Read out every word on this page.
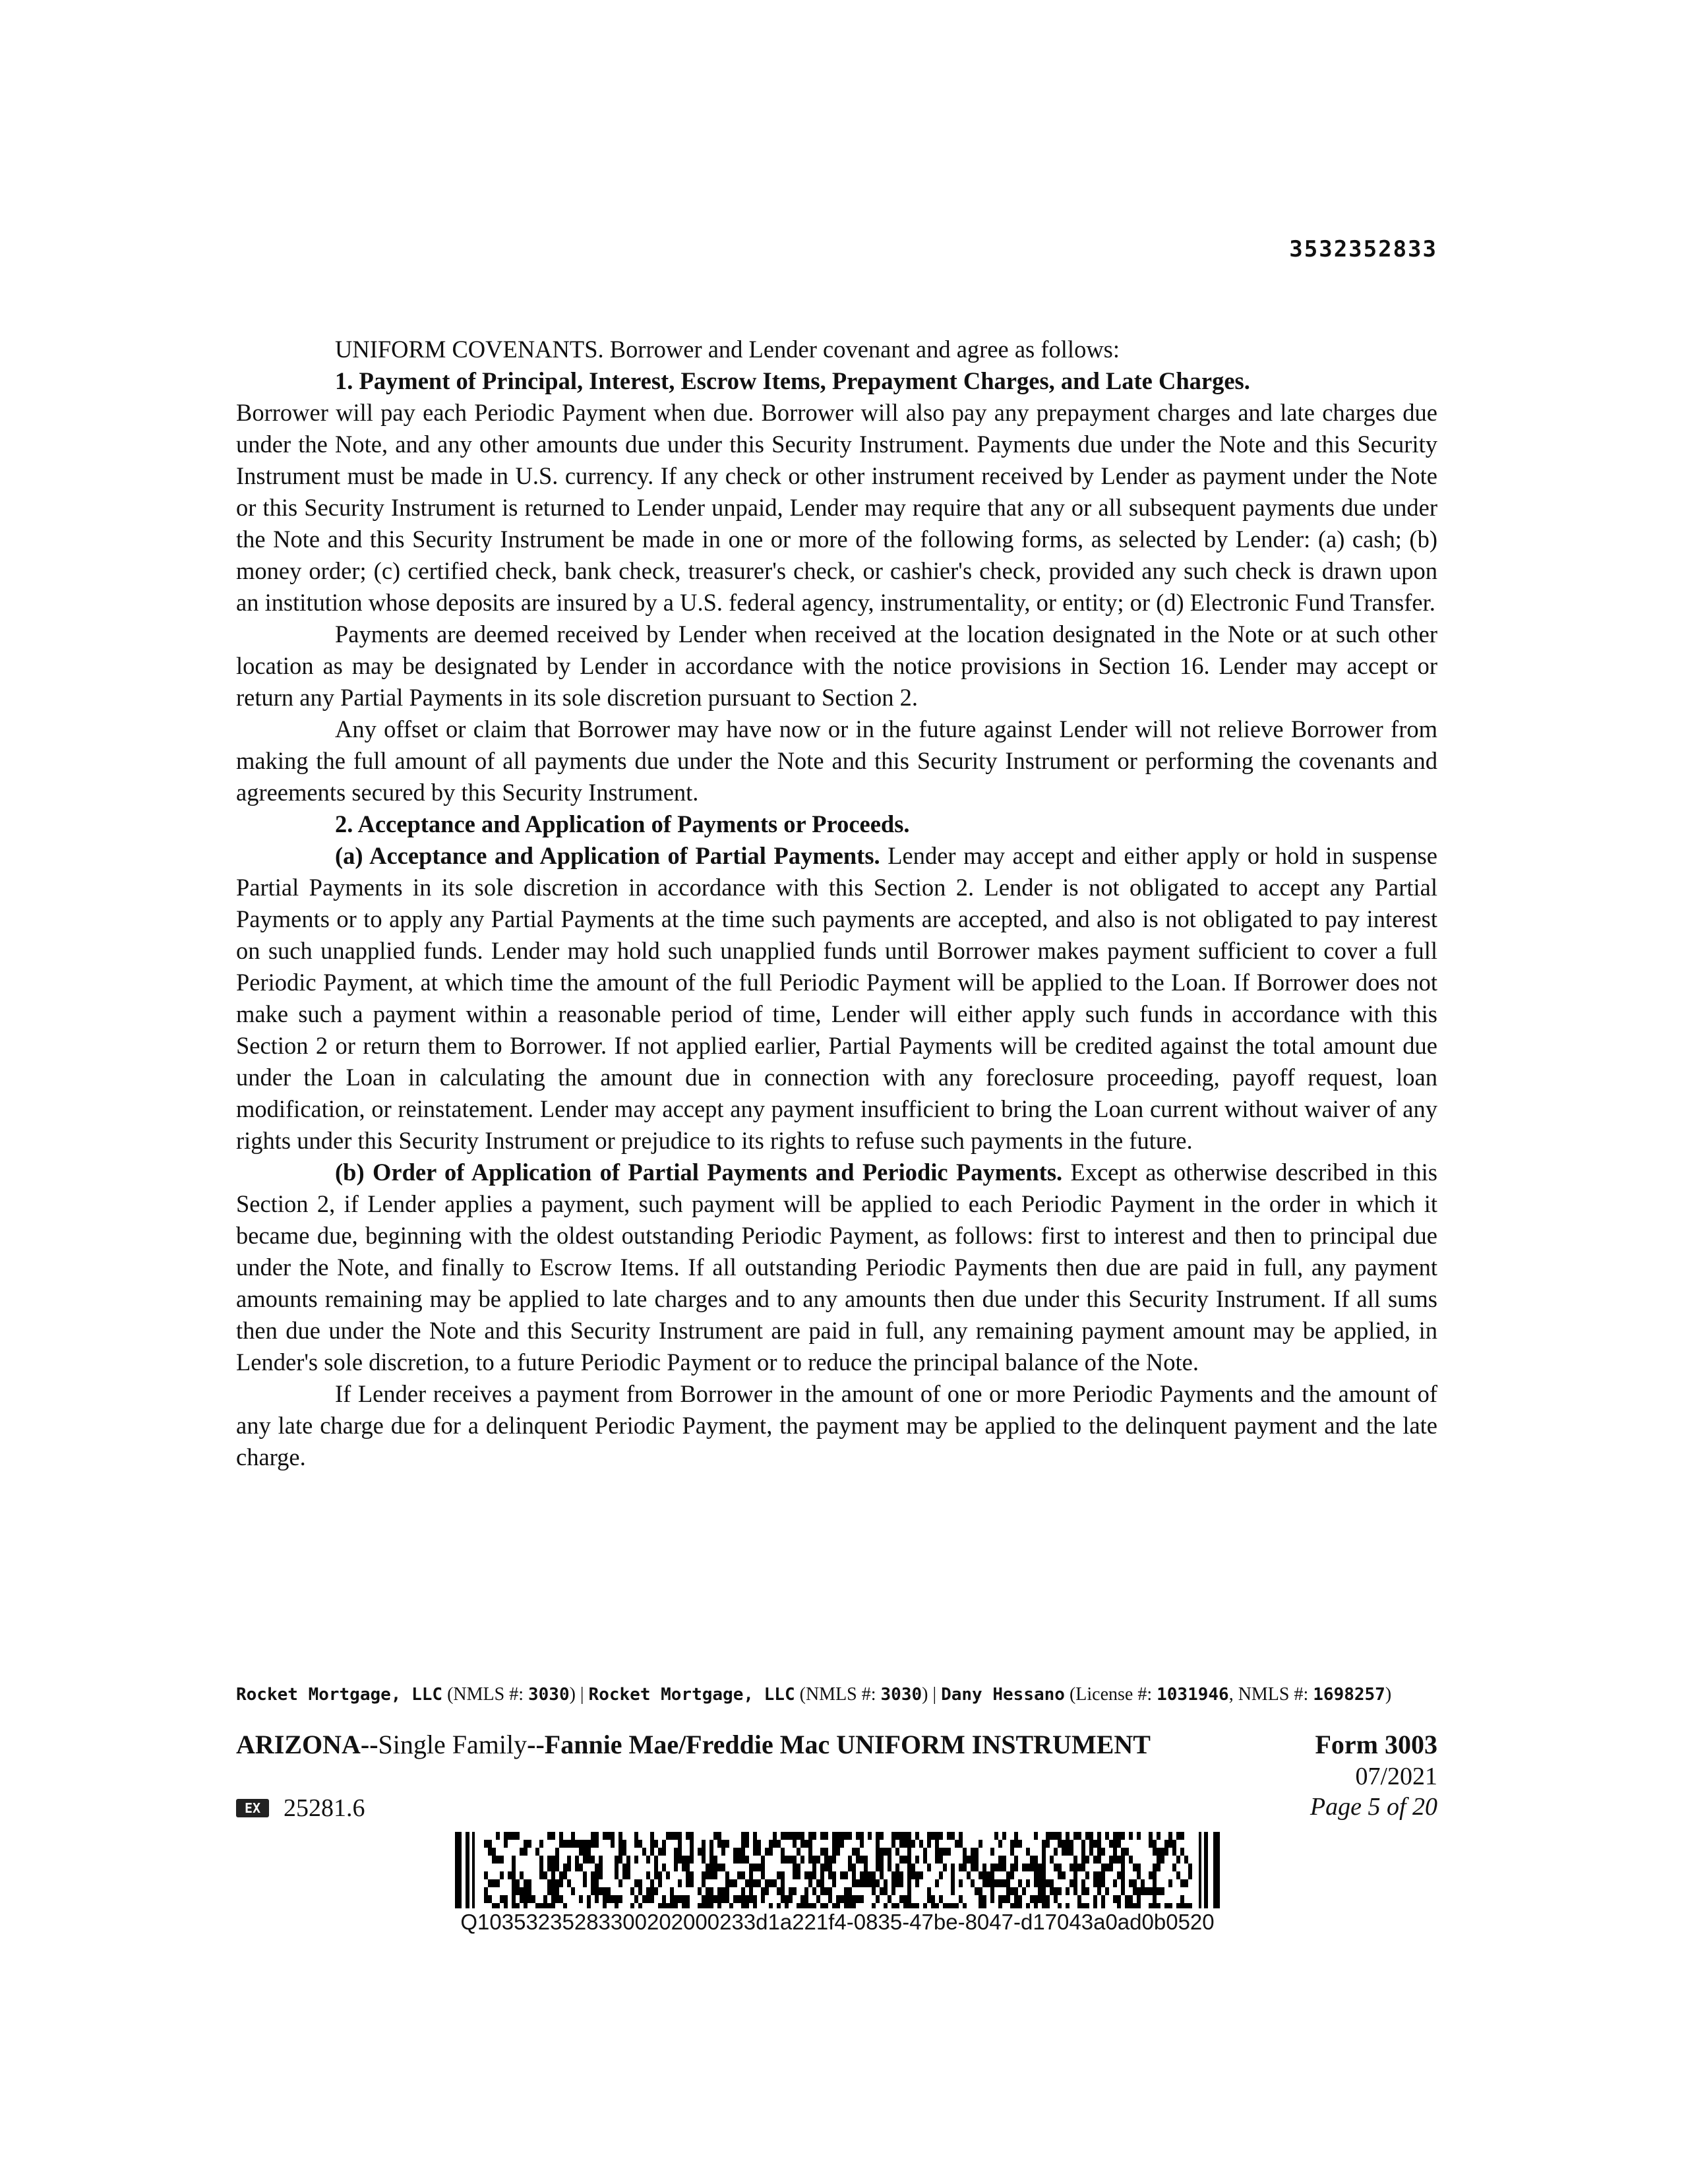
3532352833

UNIFORM COVENANTS. Borrower and Lender covenant and agree as follows:

1. Payment of Principal, Interest, Escrow Items, Prepayment Charges, and Late Charges.

Borrower will pay each Periodic Payment when due. Borrower will also pay any prepayment charges and late charges due under the Note, and any other amounts due under this Security Instrument. Payments due under the Note and this Security Instrument must be made in U.S. currency. If any check or other instrument received by Lender as payment under the Note or this Security Instrument is returned to Lender unpaid, Lender may require that any or all subsequent payments due under the Note and this Security Instrument be made in one or more of the following forms, as selected by Lender: (a) cash; (b) money order; (c) certified check, bank check, treasurer's check, or cashier's check, provided any such check is drawn upon an institution whose deposits are insured by a U.S. federal agency, instrumentality, or entity; or (d) Electronic Fund Transfer.

Payments are deemed received by Lender when received at the location designated in the Note or at such other location as may be designated by Lender in accordance with the notice provisions in Section 16. Lender may accept or return any Partial Payments in its sole discretion pursuant to Section 2.

Any offset or claim that Borrower may have now or in the future against Lender will not relieve Borrower from making the full amount of all payments due under the Note and this Security Instrument or performing the covenants and agreements secured by this Security Instrument.

2. Acceptance and Application of Payments or Proceeds.

(a) Acceptance and Application of Partial Payments. Lender may accept and either apply or hold in suspense Partial Payments in its sole discretion in accordance with this Section 2. Lender is not obligated to accept any Partial Payments or to apply any Partial Payments at the time such payments are accepted, and also is not obligated to pay interest on such unapplied funds. Lender may hold such unapplied funds until Borrower makes payment sufficient to cover a full Periodic Payment, at which time the amount of the full Periodic Payment will be applied to the Loan. If Borrower does not make such a payment within a reasonable period of time, Lender will either apply such funds in accordance with this Section 2 or return them to Borrower. If not applied earlier, Partial Payments will be credited against the total amount due under the Loan in calculating the amount due in connection with any foreclosure proceeding, payoff request, loan modification, or reinstatement. Lender may accept any payment insufficient to bring the Loan current without waiver of any rights under this Security Instrument or prejudice to its rights to refuse such payments in the future.

(b) Order of Application of Partial Payments and Periodic Payments. Except as otherwise described in this Section 2, if Lender applies a payment, such payment will be applied to each Periodic Payment in the order in which it became due, beginning with the oldest outstanding Periodic Payment, as follows: first to interest and then to principal due under the Note, and finally to Escrow Items. If all outstanding Periodic Payments then due are paid in full, any payment amounts remaining may be applied to late charges and to any amounts then due under this Security Instrument. If all sums then due under the Note and this Security Instrument are paid in full, any remaining payment amount may be applied, in Lender's sole discretion, to a future Periodic Payment or to reduce the principal balance of the Note.

If Lender receives a payment from Borrower in the amount of one or more Periodic Payments and the amount of any late charge due for a delinquent Periodic Payment, the payment may be applied to the delinquent payment and the late charge.

Rocket Mortgage, LLC (NMLS #: 3030) | Rocket Mortgage, LLC (NMLS #: 3030) | Dany Hessano (License #: 1031946, NMLS #: 1698257)
ARIZONA--Single Family--Fannie Mae/Freddie Mac UNIFORM INSTRUMENT	Form 3003
07/2021
Page 5 of 20
EX 25281.6
Q10353235283300202000233d1a221f4-0835-47be-8047-d17043a0ad0b0520
